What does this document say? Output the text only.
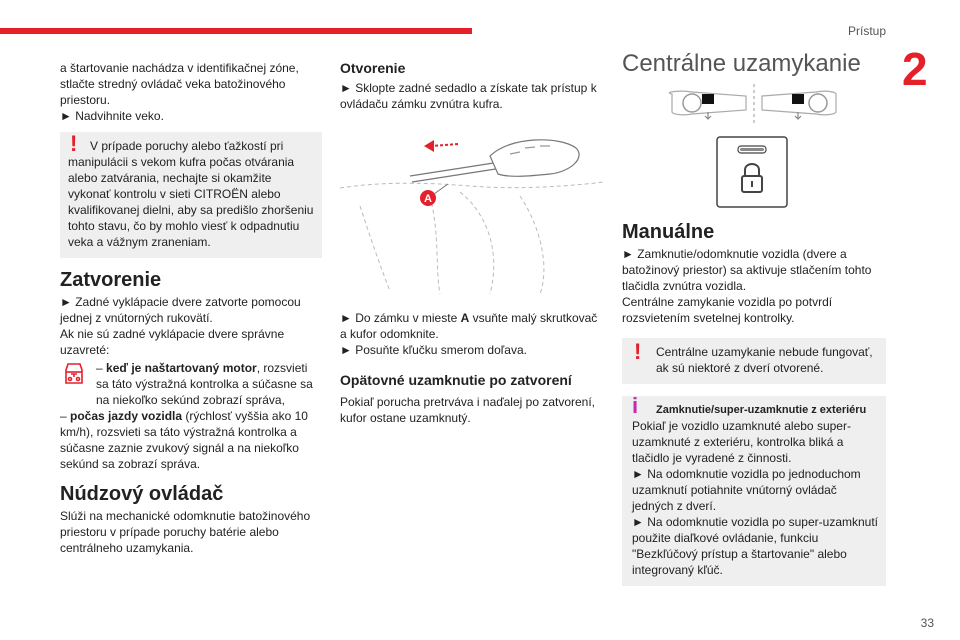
Prístup
2
33

a štartovanie nachádza v identifikačnej zóne, stlačte stredný ovládač veka batožinového priestoru.

► Nadvihnite veko.

!	V prípade poruchy alebo ťažkostí pri manipulácii s vekom kufra počas otvárania alebo zatvárania, nechajte si okamžite vykonať kontrolu v sieti CITROËN alebo kvalifikovanej dielni, aby sa predišlo zhoršeniu tohto stavu, čo by mohlo viesť k odpadnutiu veka a vážnym zraneniam.

Zatvorenie

► Zadné vyklápacie dvere zatvorte pomocou jednej z vnútorných rukovätí.

Ak nie sú zadné vyklápacie dvere správne uzavreté:

– keď je naštartovaný motor, rozsvieti sa táto výstražná kontrolka a súčasne sa na niekoľko sekúnd zobrazí správa,

– počas jazdy vozidla (rýchlosť vyššia ako 10 km/h), rozsvieti sa táto výstražná kontrolka a súčasne zaznie zvukový signál a na niekoľko sekúnd sa zobrazí správa.

Núdzový ovládač

Slúži na mechanické odomknutie batožinového priestoru v prípade poruchy batérie alebo centrálneho uzamykania.

Otvorenie

► Sklopte zadné sedadlo a získate tak prístup k ovládaču zámku zvnútra kufra.

A

► Do zámku v mieste A vsuňte malý skrutkovač a kufor odomknite.

► Posuňte kľučku smerom doľava.

Opätovné uzamknutie po zatvorení

Pokiaľ porucha pretrváva i naďalej po zatvorení, kufor ostane uzamknutý.

Centrálne uzamykanie

Manuálne

► Zamknutie/odomknutie vozidla (dvere a batožinový priestor) sa aktivuje stlačením tohto tlačidla zvnútra vozidla.

Centrálne zamykanie vozidla po potvrdí rozsvietením svetelnej kontrolky.

! Centrálne uzamykanie nebude fungovať, ak sú niektoré z dverí otvorené.

i	Zamknutie/super-uzamknutie z exteriéru

Pokiaľ je vozidlo uzamknuté alebo super-uzamknuté z exteriéru, kontrolka bliká a tlačidlo je vyradené z činnosti.

► Na odomknutie vozidla po jednoduchom uzamknutí potiahnite vnútorný ovládač jedných z dverí.

► Na odomknutie vozidla po super-uzamknutí použite diaľkové ovládanie, funkciu "Bezkľúčový prístup a štartovanie" alebo integrovaný kľúč.
